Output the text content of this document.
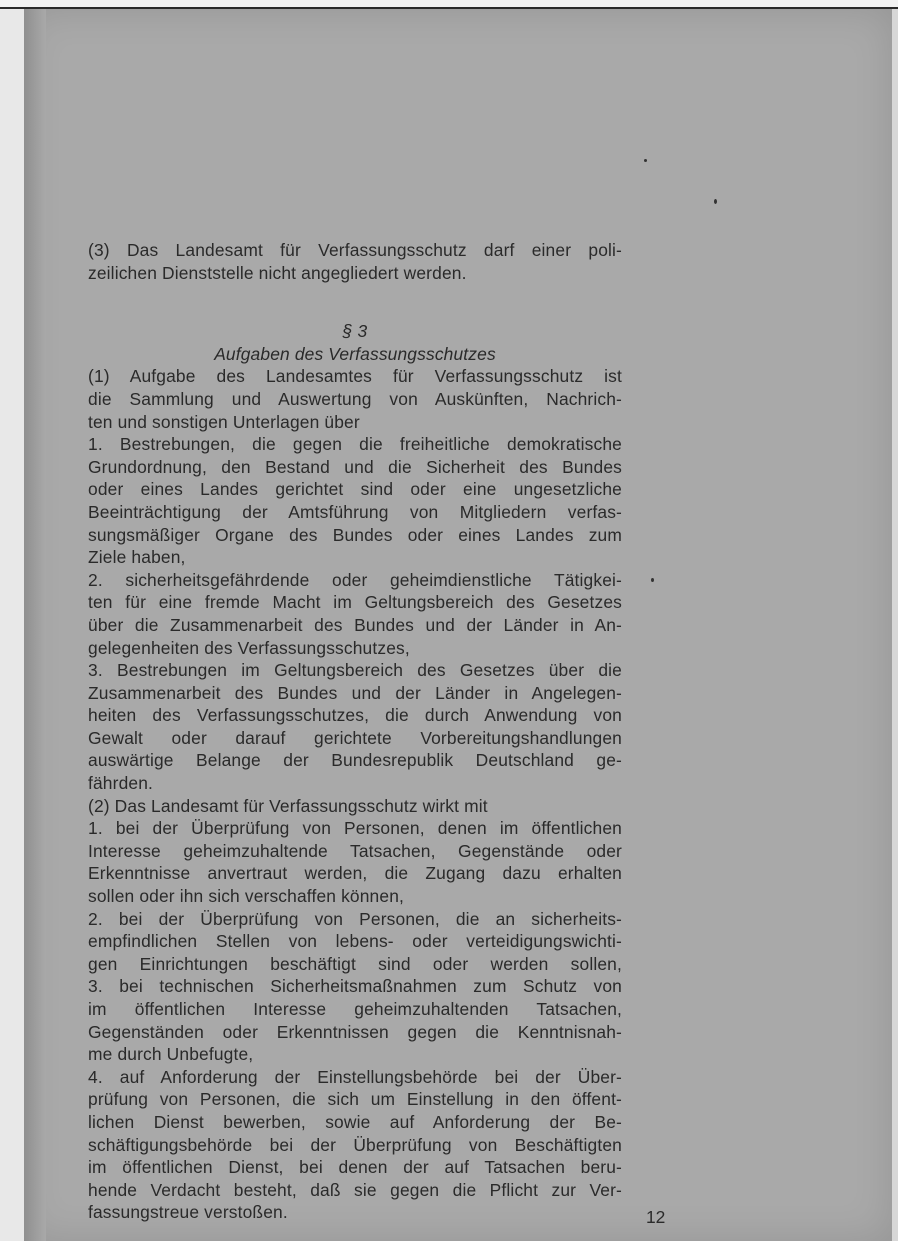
(3) Das Landesamt für Verfassungsschutz darf einer poli-
zeilichen Dienststelle nicht angegliedert werden.
§ 3
Aufgaben des Verfassungsschutzes
(1) Aufgabe des Landesamtes für Verfassungsschutz ist
die Sammlung und Auswertung von Auskünften, Nachrich-
ten und sonstigen Unterlagen über
1. Bestrebungen, die gegen die freiheitliche demokratische
Grundordnung, den Bestand und die Sicherheit des Bundes
oder eines Landes gerichtet sind oder eine ungesetzliche
Beeinträchtigung der Amtsführung von Mitgliedern verfas-
sungsmäßiger Organe des Bundes oder eines Landes zum
Ziele haben,
2. sicherheitsgefährdende oder geheimdienstliche Tätigkei-
ten für eine fremde Macht im Geltungsbereich des Gesetzes
über die Zusammenarbeit des Bundes und der Länder in An-
gelegenheiten des Verfassungsschutzes,
3. Bestrebungen im Geltungsbereich des Gesetzes über die
Zusammenarbeit des Bundes und der Länder in Angelegen-
heiten des Verfassungsschutzes, die durch Anwendung von
Gewalt oder darauf gerichtete Vorbereitungshandlungen
auswärtige Belange der Bundesrepublik Deutschland ge-
fährden.
(2) Das Landesamt für Verfassungsschutz wirkt mit
1. bei der Überprüfung von Personen, denen im öffentlichen
Interesse geheimzuhaltende Tatsachen, Gegenstände oder
Erkenntnisse anvertraut werden, die Zugang dazu erhalten
sollen oder ihn sich verschaffen können,
2. bei der Überprüfung von Personen, die an sicherheits-
empfindlichen Stellen von lebens- oder verteidigungswichti-
gen Einrichtungen beschäftigt sind oder werden sollen,
3. bei technischen Sicherheitsmaßnahmen zum Schutz von
im öffentlichen Interesse geheimzuhaltenden Tatsachen,
Gegenständen oder Erkenntnissen gegen die Kenntnisnah-
me durch Unbefugte,
4. auf Anforderung der Einstellungsbehörde bei der Über-
prüfung von Personen, die sich um Einstellung in den öffent-
lichen Dienst bewerben, sowie auf Anforderung der Be-
schäftigungsbehörde bei der Überprüfung von Beschäftigten
im öffentlichen Dienst, bei denen der auf Tatsachen beru-
hende Verdacht besteht, daß sie gegen die Pflicht zur Ver-
fassungstreue verstoßen.	12
